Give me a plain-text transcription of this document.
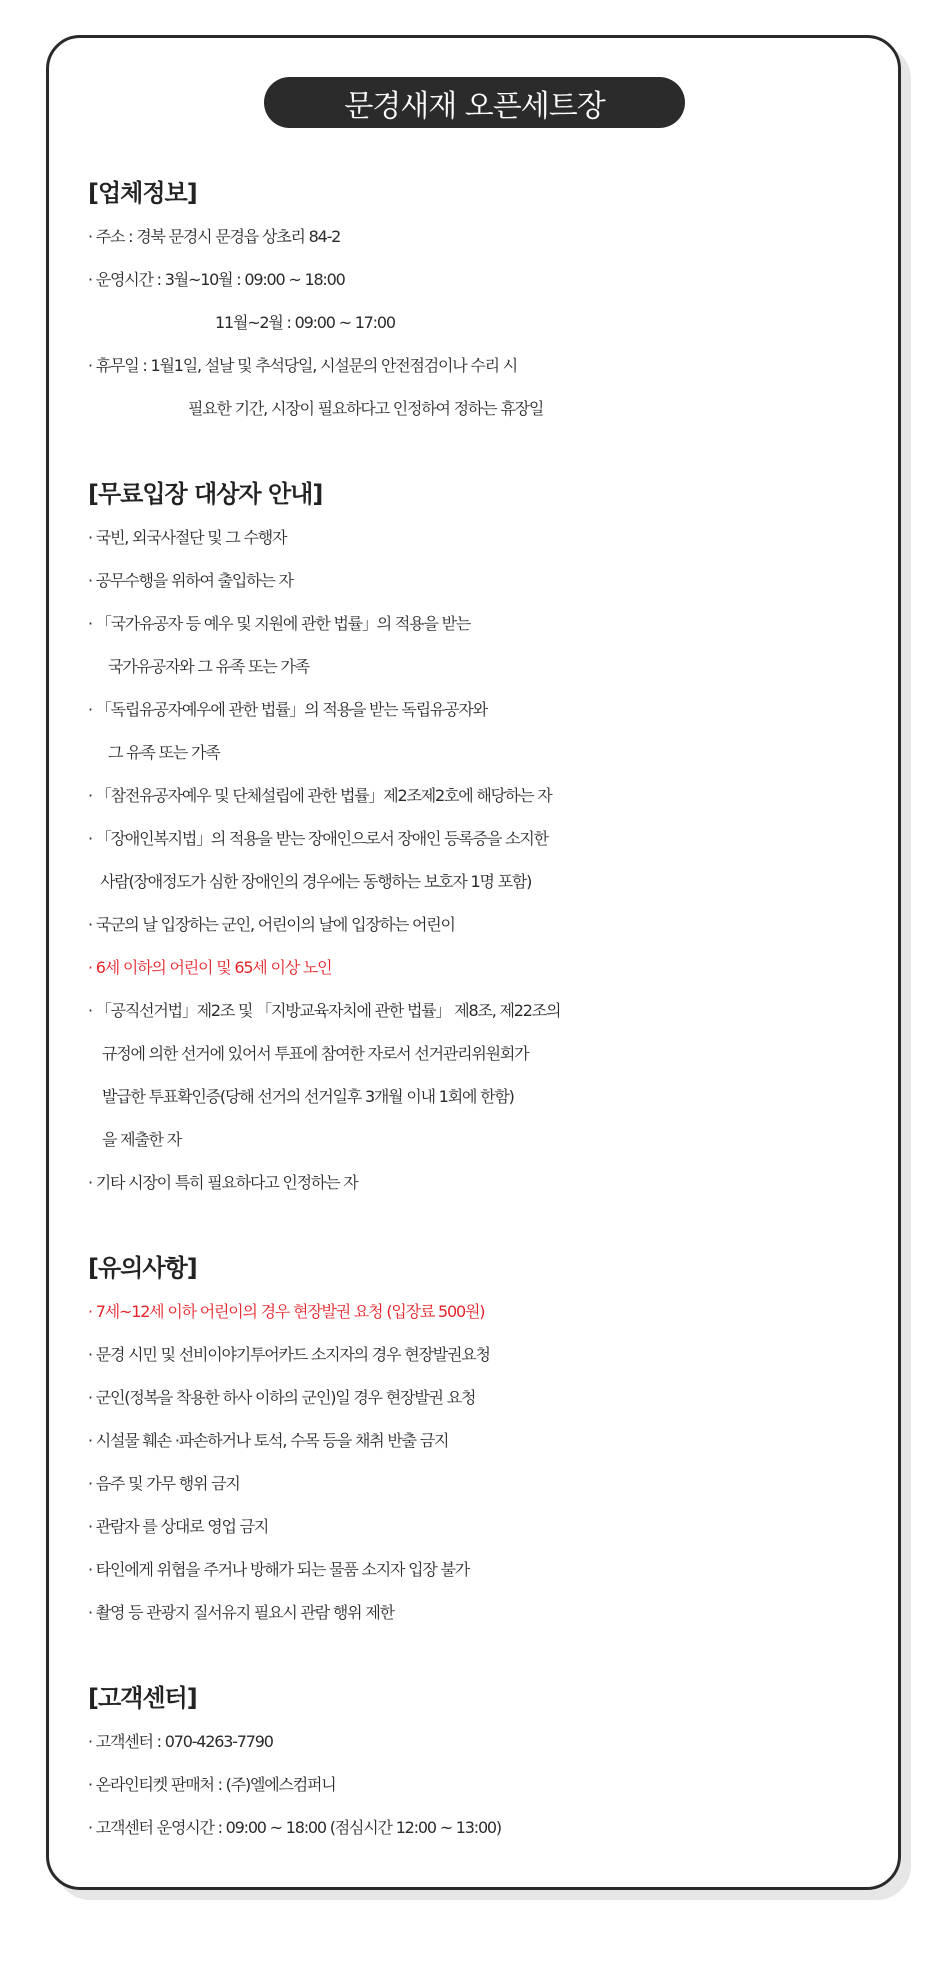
문경새재 오픈세트장
[업체정보]
· 주소 : 경북 문경시 문경읍 상초리 84-2
· 운영시간 : 3월~10월 : 09:00 ~ 18:00
11월~2월 : 09:00 ~ 17:00
· 휴무일 : 1월1일, 설날 및 추석당일, 시설문의 안전점검이나 수리 시
필요한 기간, 시장이 필요하다고 인정하여 정하는 휴장일
[무료입장 대상자 안내]
· 국빈, 외국사절단 및 그 수행자
· 공무수행을 위하여 출입하는 자
· 「국가유공자 등 예우 및 지원에 관한 법률」의 적용을 받는
국가유공자와 그 유족 또는 가족
· 「독립유공자예우에 관한 법률」의 적용을 받는 독립유공자와
그 유족 또는 가족
· 「참전유공자예우 및 단체설립에 관한 법률」제2조제2호에 해당하는 자
· 「장애인복지법」의 적용을 받는 장애인으로서 장애인 등록증을 소지한
사람(장애정도가 심한 장애인의 경우에는 동행하는 보호자 1명 포함)
· 국군의 날 입장하는 군인, 어린이의 날에 입장하는 어린이
· 6세 이하의 어린이 및 65세 이상 노인
· 「공직선거법」제2조 및 「지방교육자치에 관한 법률」 제8조, 제22조의
규정에 의한 선거에 있어서 투표에 참여한 자로서 선거관리위원회가
발급한 투표확인증(당해 선거의 선거일후 3개월 이내 1회에 한함)
을 제출한 자
· 기타 시장이 특히 필요하다고 인정하는 자
[유의사항]
· 7세~12세 이하 어린이의 경우 현장발권 요청 (입장료 500원)
· 문경 시민 및 선비이야기투어카드 소지자의 경우 현장발권요청
· 군인(정복을 착용한 하사 이하의 군인)일 경우 현장발권 요청
· 시설물 훼손 ·파손하거나 토석, 수목 등을 채취 반출 금지
· 음주 및 가무 행위 금지
· 관람자 를 상대로 영업 금지
· 타인에게 위협을 주거나 방해가 되는 물품 소지자 입장 불가
· 촬영 등 관광지 질서유지 필요시 관람 행위 제한
[고객센터]
· 고객센터 : 070-4263-7790
· 온라인티켓 판매처 : (주)엘에스컴퍼니
· 고객센터 운영시간 : 09:00 ~ 18:00 (점심시간 12:00 ~ 13:00)
